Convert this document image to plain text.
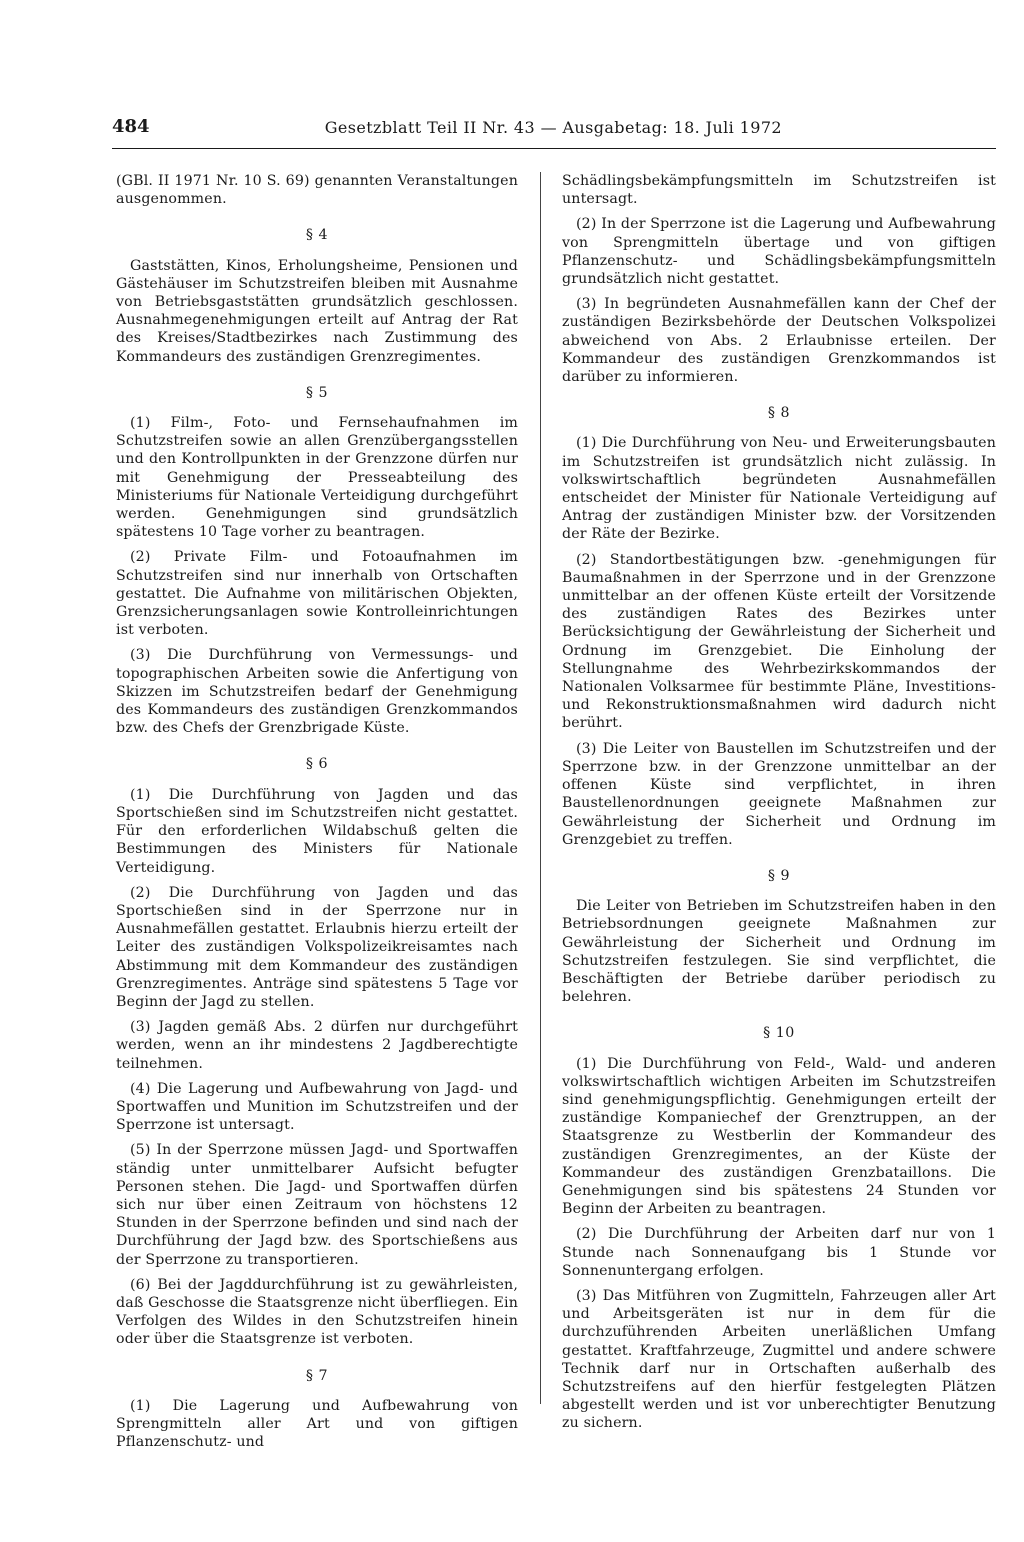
484	Gesetzblatt Teil II Nr. 43 — Ausgabetag: 18. Juli 1972

(GBl. II 1971 Nr. 10 S. 69) genannten Veranstaltungen ausgenommen.

§ 4

Gaststätten, Kinos, Erholungsheime, Pensionen und Gästehäuser im Schutzstreifen bleiben mit Ausnahme von Betriebsgaststätten grundsätzlich geschlossen. Ausnahmegenehmigungen erteilt auf Antrag der Rat des Kreises/Stadtbezirkes nach Zustimmung des Kommandeurs des zuständigen Grenzregimentes.

§ 5

(1) Film-, Foto- und Fernsehaufnahmen im Schutzstreifen sowie an allen Grenzübergangsstellen und den Kontrollpunkten in der Grenzzone dürfen nur mit Genehmigung der Presseabteilung des Ministeriums für Nationale Verteidigung durchgeführt werden. Genehmigungen sind grundsätzlich spätestens 10 Tage vorher zu beantragen.

(2) Private Film- und Fotoaufnahmen im Schutzstreifen sind nur innerhalb von Ortschaften gestattet. Die Aufnahme von militärischen Objekten, Grenzsicherungsanlagen sowie Kontrolleinrichtungen ist verboten.

(3) Die Durchführung von Vermessungs- und topographischen Arbeiten sowie die Anfertigung von Skizzen im Schutzstreifen bedarf der Genehmigung des Kommandeurs des zuständigen Grenzkommandos bzw. des Chefs der Grenzbrigade Küste.

§ 6

(1) Die Durchführung von Jagden und das Sportschießen sind im Schutzstreifen nicht gestattet. Für den erforderlichen Wildabschuß gelten die Bestimmungen des Ministers für Nationale Verteidigung.

(2) Die Durchführung von Jagden und das Sportschießen sind in der Sperrzone nur in Ausnahmefällen gestattet. Erlaubnis hierzu erteilt der Leiter des zuständigen Volkspolizeikreisamtes nach Abstimmung mit dem Kommandeur des zuständigen Grenzregimentes. Anträge sind spätestens 5 Tage vor Beginn der Jagd zu stellen.

(3) Jagden gemäß Abs. 2 dürfen nur durchgeführt werden, wenn an ihr mindestens 2 Jagdberechtigte teilnehmen.

(4) Die Lagerung und Aufbewahrung von Jagd- und Sportwaffen und Munition im Schutzstreifen und der Sperrzone ist untersagt.

(5) In der Sperrzone müssen Jagd- und Sportwaffen ständig unter unmittelbarer Aufsicht befugter Personen stehen. Die Jagd- und Sportwaffen dürfen sich nur über einen Zeitraum von höchstens 12 Stunden in der Sperrzone befinden und sind nach der Durchführung der Jagd bzw. des Sportschießens aus der Sperrzone zu transportieren.

(6) Bei der Jagddurchführung ist zu gewährleisten, daß Geschosse die Staatsgrenze nicht überfliegen. Ein Verfolgen des Wildes in den Schutzstreifen hinein oder über die Staatsgrenze ist verboten.

§ 7

(1) Die Lagerung und Aufbewahrung von Sprengmitteln aller Art und von giftigen Pflanzenschutz- und

Schädlingsbekämpfungsmitteln im Schutzstreifen ist untersagt.

(2) In der Sperrzone ist die Lagerung und Aufbewahrung von Sprengmitteln übertage und von giftigen Pflanzenschutz- und Schädlingsbekämpfungsmitteln grundsätzlich nicht gestattet.

(3) In begründeten Ausnahmefällen kann der Chef der zuständigen Bezirksbehörde der Deutschen Volkspolizei abweichend von Abs. 2 Erlaubnisse erteilen. Der Kommandeur des zuständigen Grenzkommandos ist darüber zu informieren.

§ 8

(1) Die Durchführung von Neu- und Erweiterungsbauten im Schutzstreifen ist grundsätzlich nicht zulässig. In volkswirtschaftlich begründeten Ausnahmefällen entscheidet der Minister für Nationale Verteidigung auf Antrag der zuständigen Minister bzw. der Vorsitzenden der Räte der Bezirke.

(2) Standortbestätigungen bzw. -genehmigungen für Baumaßnahmen in der Sperrzone und in der Grenzzone unmittelbar an der offenen Küste erteilt der Vorsitzende des zuständigen Rates des Bezirkes unter Berücksichtigung der Gewährleistung der Sicherheit und Ordnung im Grenzgebiet. Die Einholung der Stellungnahme des Wehrbezirkskommandos der Nationalen Volksarmee für bestimmte Pläne, Investitions- und Rekonstruktionsmaßnahmen wird dadurch nicht berührt.

(3) Die Leiter von Baustellen im Schutzstreifen und der Sperrzone bzw. in der Grenzzone unmittelbar an der offenen Küste sind verpflichtet, in ihren Baustellenordnungen geeignete Maßnahmen zur Gewährleistung der Sicherheit und Ordnung im Grenzgebiet zu treffen.

§ 9

Die Leiter von Betrieben im Schutzstreifen haben in den Betriebsordnungen geeignete Maßnahmen zur Gewährleistung der Sicherheit und Ordnung im Schutzstreifen festzulegen. Sie sind verpflichtet, die Beschäftigten der Betriebe darüber periodisch zu belehren.

§ 10

(1) Die Durchführung von Feld-, Wald- und anderen volkswirtschaftlich wichtigen Arbeiten im Schutzstreifen sind genehmigungspflichtig. Genehmigungen erteilt der zuständige Kompaniechef der Grenztruppen, an der Staatsgrenze zu Westberlin der Kommandeur des zuständigen Grenzregimentes, an der Küste der Kommandeur des zuständigen Grenzbataillons. Die Genehmigungen sind bis spätestens 24 Stunden vor Beginn der Arbeiten zu beantragen.

(2) Die Durchführung der Arbeiten darf nur von 1 Stunde nach Sonnenaufgang bis 1 Stunde vor Sonnenuntergang erfolgen.

(3) Das Mitführen von Zugmitteln, Fahrzeugen aller Art und Arbeitsgeräten ist nur in dem für die durchzuführenden Arbeiten unerläßlichen Umfang gestattet. Kraftfahrzeuge, Zugmittel und andere schwere Technik darf nur in Ortschaften außerhalb des Schutzstreifens auf den hierfür festgelegten Plätzen abgestellt werden und ist vor unberechtigter Benutzung zu sichern.
